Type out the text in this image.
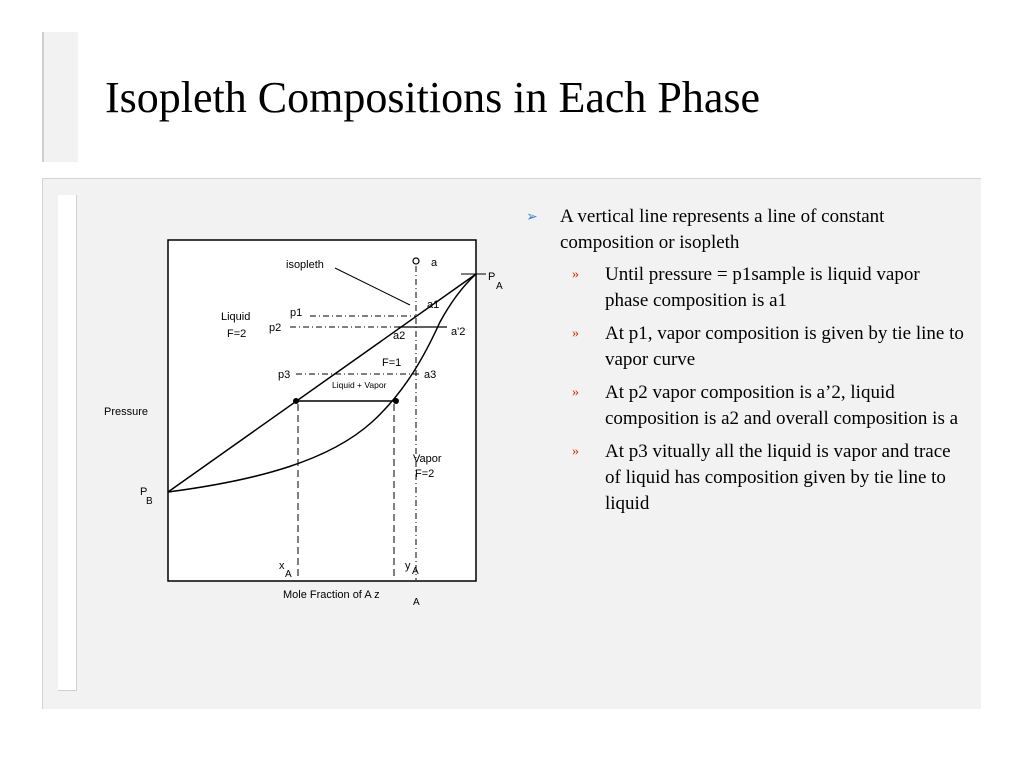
Isopleth Compositions in Each Phase
isopleth	a
P
A
a1
a2	a'2
a3
p1
p2
p3
Liquid
F=2
F=1
Liquid + Vapor
Pressure
P
B
Vapor
F=2
x
A
y A
Mole Fraction of A z
A
➢ A vertical line represents a line of constant composition or isopleth
» Until pressure = p1sample is liquid vapor phase composition is a1
» At p1, vapor composition is given by tie line to vapor curve
» At p2 vapor composition is a’2, liquid composition is a2 and overall composition is a
» At p3 vitually all the liquid is vapor and trace of liquid has composition given by tie line to liquid
